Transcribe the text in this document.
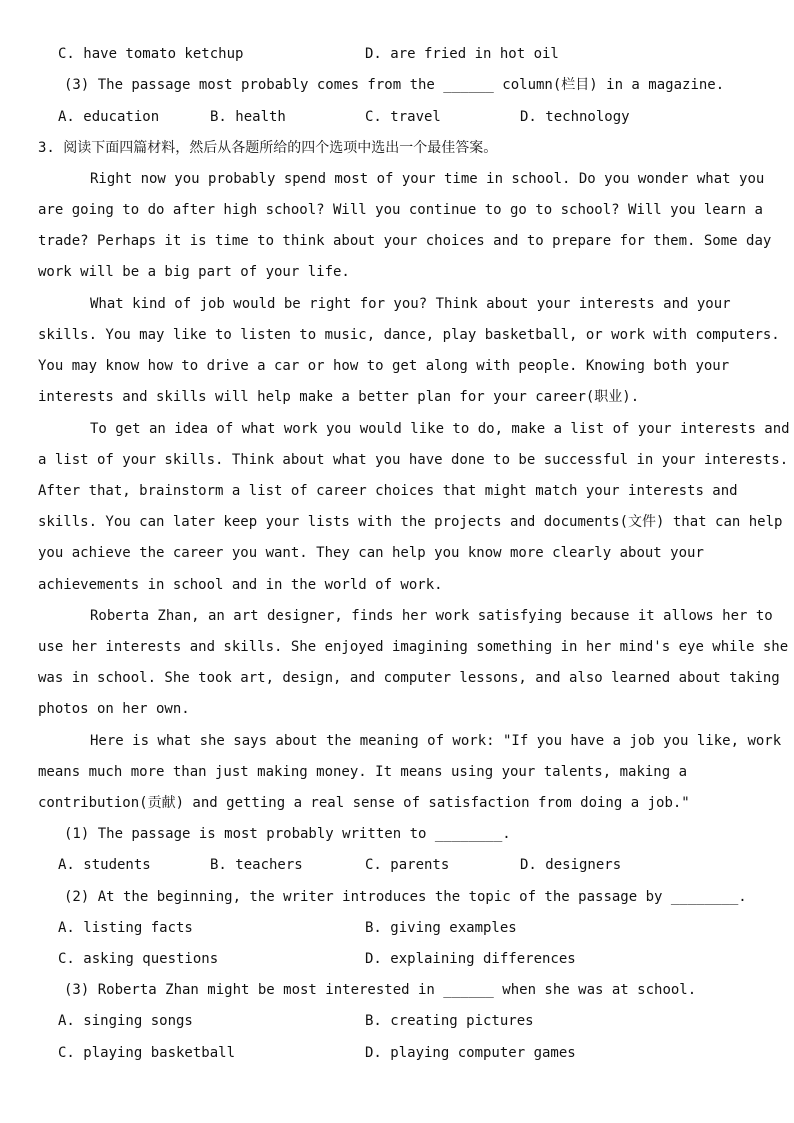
C. have tomato ketchup	D. are fried in hot oil
(3) The passage most probably comes from the ______ column(栏目) in a magazine.
A. education	B. health	C. travel	D. technology
3. 阅读下面四篇材料，然后从各题所给的四个选项中选出一个最佳答案。
Right now you probably spend most of your time in school. Do you wonder what you
are going to do after high school? Will you continue to go to school? Will you learn a
trade? Perhaps it is time to think about your choices and to prepare for them. Some day
work will be a big part of your life.
What kind of job would be right for you? Think about your interests and your
skills. You may like to listen to music, dance, play basketball, or work with computers.
You may know how to drive a car or how to get along with people. Knowing both your
interests and skills will help make a better plan for your career(职业).
To get an idea of what work you would like to do, make a list of your interests and
a list of your skills. Think about what you have done to be successful in your interests.
After that, brainstorm a list of career choices that might match your interests and
skills. You can later keep your lists with the projects and documents(文件) that can help
you achieve the career you want. They can help you know more clearly about your
achievements in school and in the world of work.
Roberta Zhan, an art designer, finds her work satisfying because it allows her to
use her interests and skills. She enjoyed imagining something in her mind's eye while she
was in school. She took art, design, and computer lessons, and also learned about taking
photos on her own.
Here is what she says about the meaning of work: "If you have a job you like, work
means much more than just making money. It means using your talents, making a
contribution(贡献) and getting a real sense of satisfaction from doing a job."
(1) The passage is most probably written to ________.
A. students	B. teachers	C. parents	D. designers
(2) At the beginning, the writer introduces the topic of the passage by ________.
A. listing facts	B. giving examples
C. asking questions	D. explaining differences
(3) Roberta Zhan might be most interested in ______ when she was at school.
A. singing songs	B. creating pictures
C. playing basketball	D. playing computer games
